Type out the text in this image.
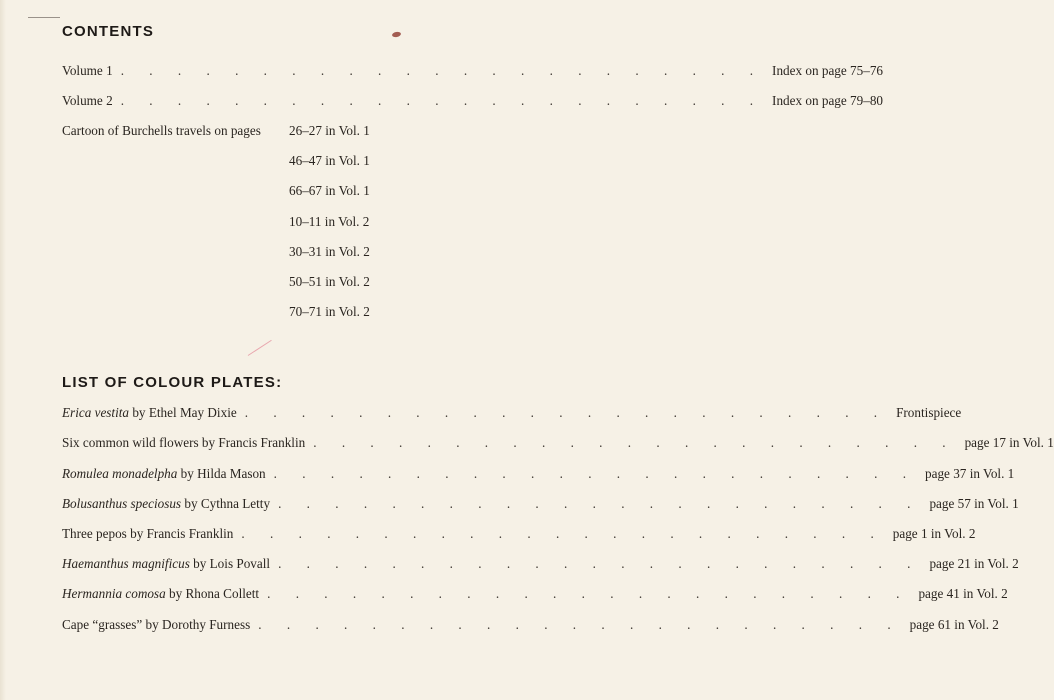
CONTENTS
Volume 1 . . . . . . . . . . . . . . . . . . . . . . . Index on page 75–76
Volume 2 . . . . . . . . . . . . . . . . . . . . . . . Index on page 79–80
Cartoon of Burchells travels on pages 26–27 in Vol. 1
46–47 in Vol. 1
66–67 in Vol. 1
10–11 in Vol. 2
30–31 in Vol. 2
50–51 in Vol. 2
70–71 in Vol. 2
LIST OF COLOUR PLATES:
Erica vestita by Ethel May Dixie . . . . . . . . . . . . . . . . . . . . . . . Frontispiece
Six common wild flowers by Francis Franklin . . . . . . . . . . . . . . . . . . . . . . . page 17 in Vol. 1
Romulea monadelpha by Hilda Mason . . . . . . . . . . . . . . . . . . . . . . . page 37 in Vol. 1
Bolusanthus speciosus by Cythna Letty . . . . . . . . . . . . . . . . . . . . . . . page 57 in Vol. 1
Three pepos by Francis Franklin . . . . . . . . . . . . . . . . . . . . . . . page 1 in Vol. 2
Haemanthus magnificus by Lois Povall . . . . . . . . . . . . . . . . . . . . . . . page 21 in Vol. 2
Hermannia comosa by Rhona Collett . . . . . . . . . . . . . . . . . . . . . . . page 41 in Vol. 2
Cape “grasses” by Dorothy Furness . . . . . . . . . . . . . . . . . . . . . . . page 61 in Vol. 2
